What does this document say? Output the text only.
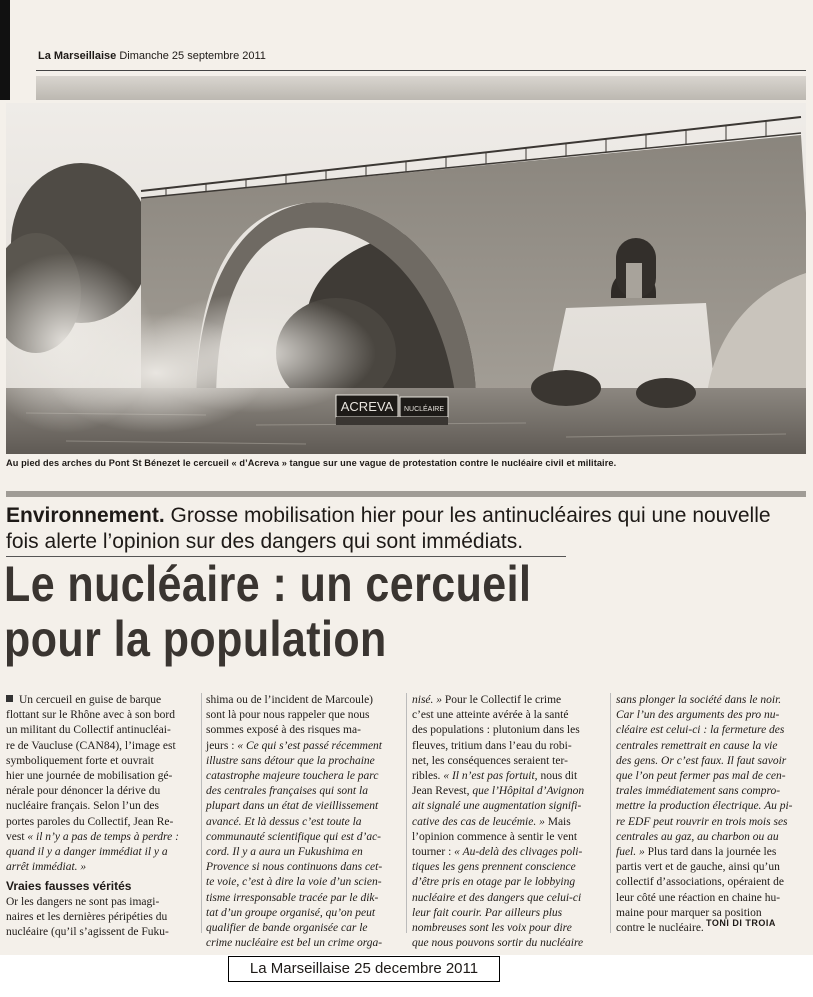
La Marseillaise Dimanche 25 septembre 2011
ACREVA NUCLÉAIRE
Au pied des arches du Pont St Bénezet le cercueil « d’Acreva » tangue sur une vague de protestation contre le nucléaire civil et militaire.
Environnement. Grosse mobilisation hier pour les antinucléaires qui une nouvelle
fois alerte l’opinion sur des dangers qui sont immédiats.
Le nucléaire : un cercueil
pour la population
Un cercueil en guise de barque
flottant sur le Rhône avec à son bord
un militant du Collectif antinucléai-
re de Vaucluse (CAN84), l’image est
symboliquement forte et ouvrait
hier une journée de mobilisation gé-
nérale pour dénoncer la dérive du
nucléaire français. Selon l’un des
portes paroles du Collectif, Jean Re-
vest « il n’y a pas de temps à perdre :
quand il y a danger immédiat il y a
arrêt immédiat. »
Vraies fausses vérités
Or les dangers ne sont pas imagi-
naires et les dernières péripéties du
nucléaire (qu’il s’agissent de Fuku-
shima ou de l’incident de Marcoule)
sont là pour nous rappeler que nous
sommes exposé à des risques ma-
jeurs : « Ce qui s’est passé récemment
illustre sans détour que la prochaine
catastrophe majeure touchera le parc
des centrales françaises qui sont la
plupart dans un état de vieillissement
avancé. Et là dessus c’est toute la
communauté scientifique qui est d’ac-
cord. Il y a aura un Fukushima en
Provence si nous continuons dans cet-
te voie, c’est à dire la voie d’un scien-
tisme irresponsable tracée par le dik-
tat d’un groupe organisé, qu’on peut
qualifier de bande organisée car le
crime nucléaire est bel un crime orga-
nisé. » Pour le Collectif le crime
c’est une atteinte avérée à la santé
des populations : plutonium dans les
fleuves, tritium dans l’eau du robi-
net, les conséquences seraient ter-
ribles. « Il n’est pas fortuit, nous dit
Jean Revest, que l’Hôpital d’Avignon
ait signalé une augmentation signifi-
cative des cas de leucémie. » Mais
l’opinion commence à sentir le vent
tourner : « Au-delà des clivages poli-
tiques les gens prennent conscience
d’être pris en otage par le lobbying
nucléaire et des dangers que celui-ci
leur fait courir. Par ailleurs plus
nombreuses sont les voix pour dire
que nous pouvons sortir du nucléaire
sans plonger la société dans le noir.
Car l’un des arguments des pro nu-
cléaire est celui-ci : la fermeture des
centrales remettrait en cause la vie
des gens. Or c’est faux. Il faut savoir
que l’on peut fermer pas mal de cen-
trales immédiatement sans compro-
mettre la production électrique. Au pi-
re EDF peut rouvrir en trois mois ses
centrales au gaz, au charbon ou au
fuel. » Plus tard dans la journée les
partis vert et de gauche, ainsi qu’un
collectif d’associations, opéraient de
leur côté une réaction en chaine hu-
maine pour marquer sa position
contre le nucléaire. TONI DI TROIA
La Marseillaise 25 decembre 2011
